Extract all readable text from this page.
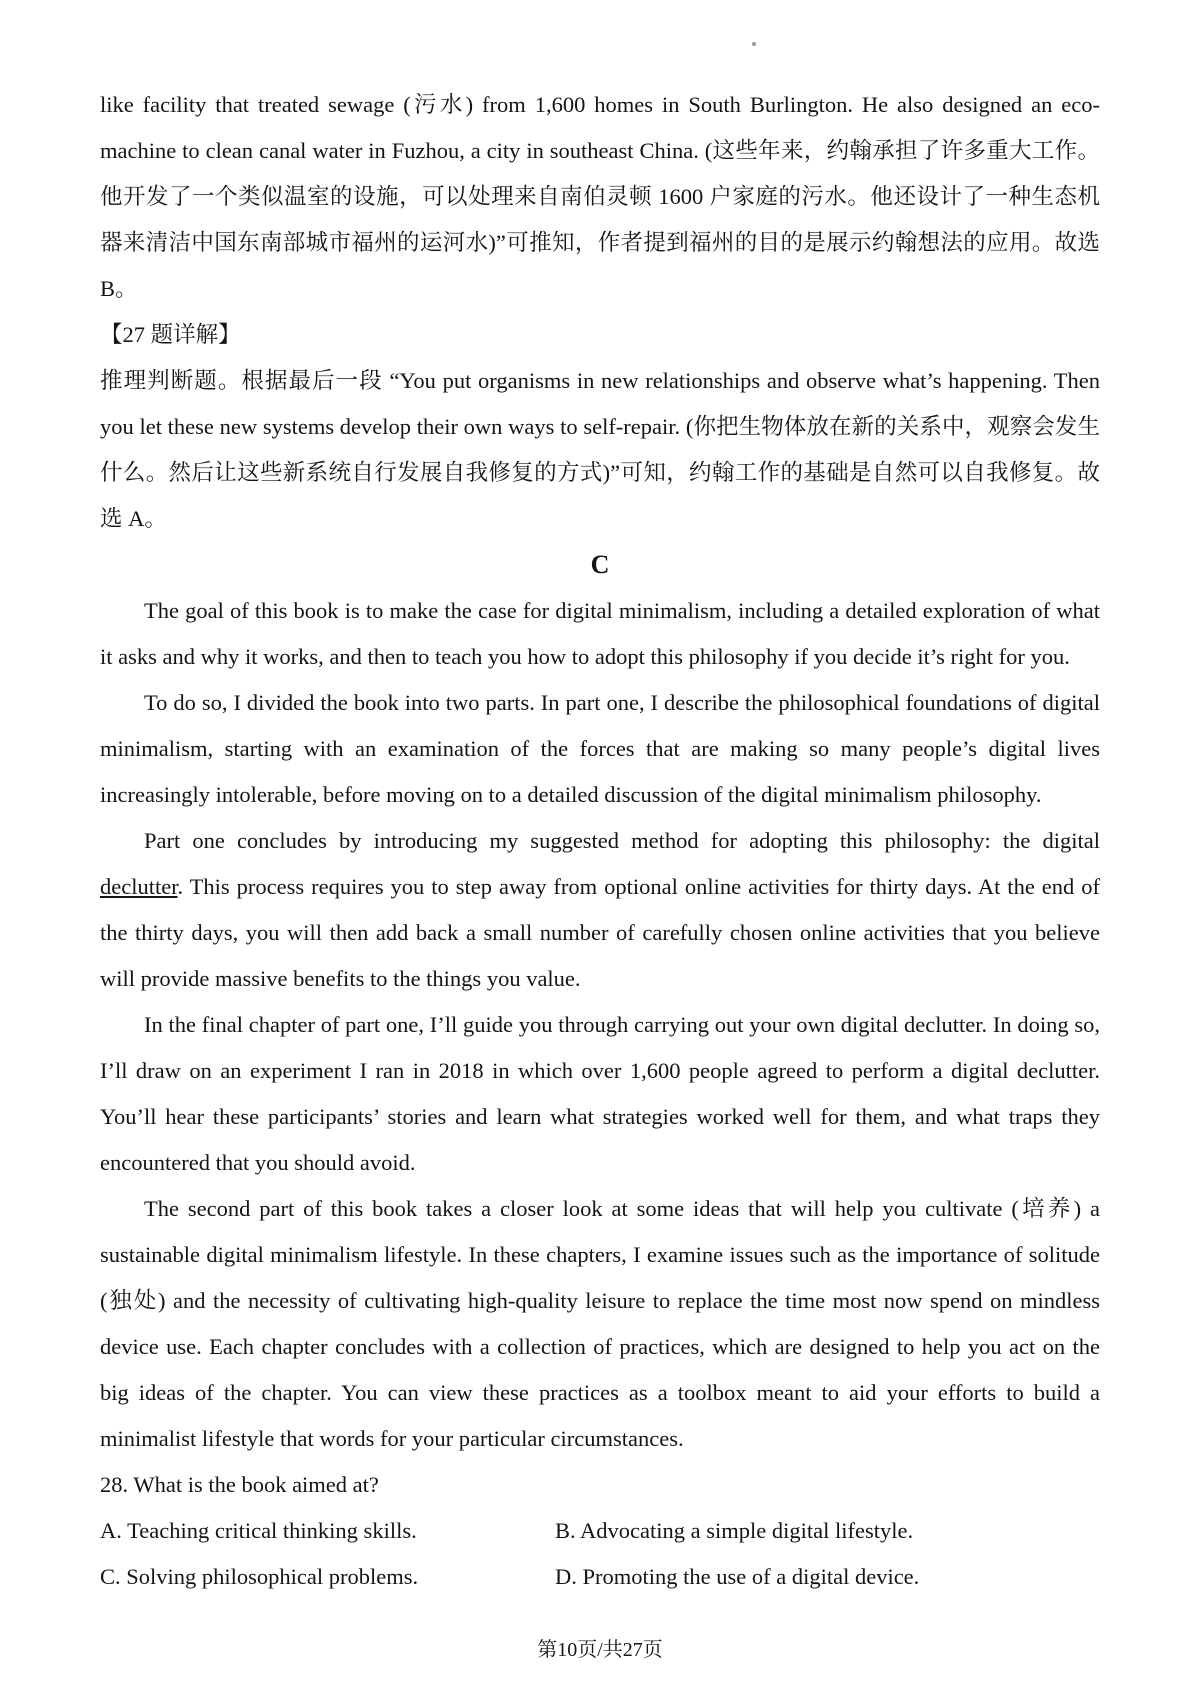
like facility that treated sewage (污水) from 1,600 homes in South Burlington. He also designed an eco-machine to clean canal water in Fuzhou, a city in southeast China. (这些年来，约翰承担了许多重大工作。他开发了一个类似温室的设施，可以处理来自南伯灵顿 1600 户家庭的污水。他还设计了一种生态机器来清洁中国东南部城市福州的运河水)”可推知，作者提到福州的目的是展示约翰想法的应用。故选 B。

【27 题详解】

推理判断题。根据最后一段 “You put organisms in new relationships and observe what’s happening. Then you let these new systems develop their own ways to self-repair. (你把生物体放在新的关系中，观察会发生什么。然后让这些新系统自行发展自我修复的方式)”可知，约翰工作的基础是自然可以自我修复。故选 A。

C

The goal of this book is to make the case for digital minimalism, including a detailed exploration of what it asks and why it works, and then to teach you how to adopt this philosophy if you decide it’s right for you.

To do so, I divided the book into two parts. In part one, I describe the philosophical foundations of digital minimalism, starting with an examination of the forces that are making so many people’s digital lives increasingly intolerable, before moving on to a detailed discussion of the digital minimalism philosophy.

Part one concludes by introducing my suggested method for adopting this philosophy: the digital declutter. This process requires you to step away from optional online activities for thirty days. At the end of the thirty days, you will then add back a small number of carefully chosen online activities that you believe will provide massive benefits to the things you value.

In the final chapter of part one, I’ll guide you through carrying out your own digital declutter. In doing so, I’ll draw on an experiment I ran in 2018 in which over 1,600 people agreed to perform a digital declutter. You’ll hear these participants’ stories and learn what strategies worked well for them, and what traps they encountered that you should avoid.

The second part of this book takes a closer look at some ideas that will help you cultivate (培养) a sustainable digital minimalism lifestyle. In these chapters, I examine issues such as the importance of solitude (独处) and the necessity of cultivating high-quality leisure to replace the time most now spend on mindless device use. Each chapter concludes with a collection of practices, which are designed to help you act on the big ideas of the chapter. You can view these practices as a toolbox meant to aid your efforts to build a minimalist lifestyle that words for your particular circumstances.

28. What is the book aimed at?

A. Teaching critical thinking skills.	B. Advocating a simple digital lifestyle.
C. Solving philosophical problems.	D. Promoting the use of a digital device.
第10页/共27页
